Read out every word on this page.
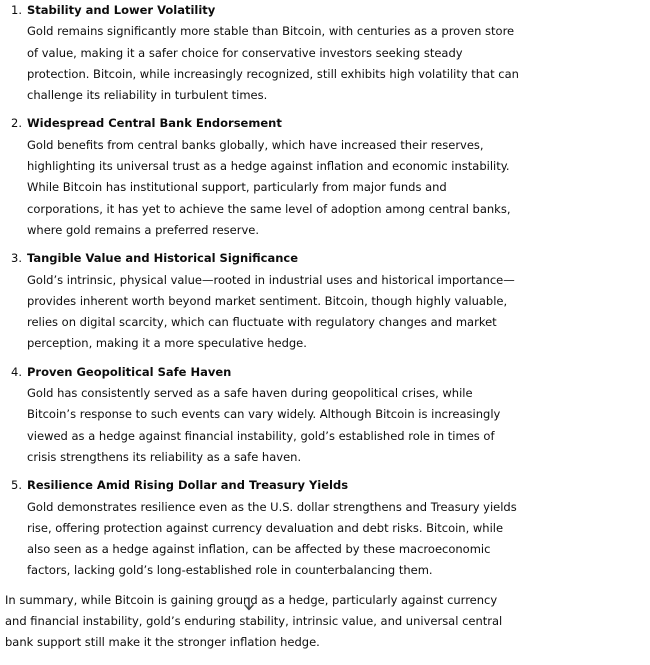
1. Stability and Lower Volatility
Gold remains significantly more stable than Bitcoin, with centuries as a proven store of value, making it a safer choice for conservative investors seeking steady protection. Bitcoin, while increasingly recognized, still exhibits high volatility that can challenge its reliability in turbulent times.
2. Widespread Central Bank Endorsement
Gold benefits from central banks globally, which have increased their reserves, highlighting its universal trust as a hedge against inflation and economic instability. While Bitcoin has institutional support, particularly from major funds and corporations, it has yet to achieve the same level of adoption among central banks, where gold remains a preferred reserve.
3. Tangible Value and Historical Significance
Gold’s intrinsic, physical value—rooted in industrial uses and historical importance—provides inherent worth beyond market sentiment. Bitcoin, though highly valuable, relies on digital scarcity, which can fluctuate with regulatory changes and market perception, making it a more speculative hedge.
4. Proven Geopolitical Safe Haven
Gold has consistently served as a safe haven during geopolitical crises, while Bitcoin’s response to such events can vary widely. Although Bitcoin is increasingly viewed as a hedge against financial instability, gold’s established role in times of crisis strengthens its reliability as a safe haven.
5. Resilience Amid Rising Dollar and Treasury Yields
Gold demonstrates resilience even as the U.S. dollar strengthens and Treasury yields rise, offering protection against currency devaluation and debt risks. Bitcoin, while also seen as a hedge against inflation, can be affected by these macroeconomic factors, lacking gold’s long-established role in counterbalancing them.

In summary, while Bitcoin is gaining ground as a hedge, particularly against currency and financial instability, gold’s enduring stability, intrinsic value, and universal central bank support still make it the stronger inflation hedge.
